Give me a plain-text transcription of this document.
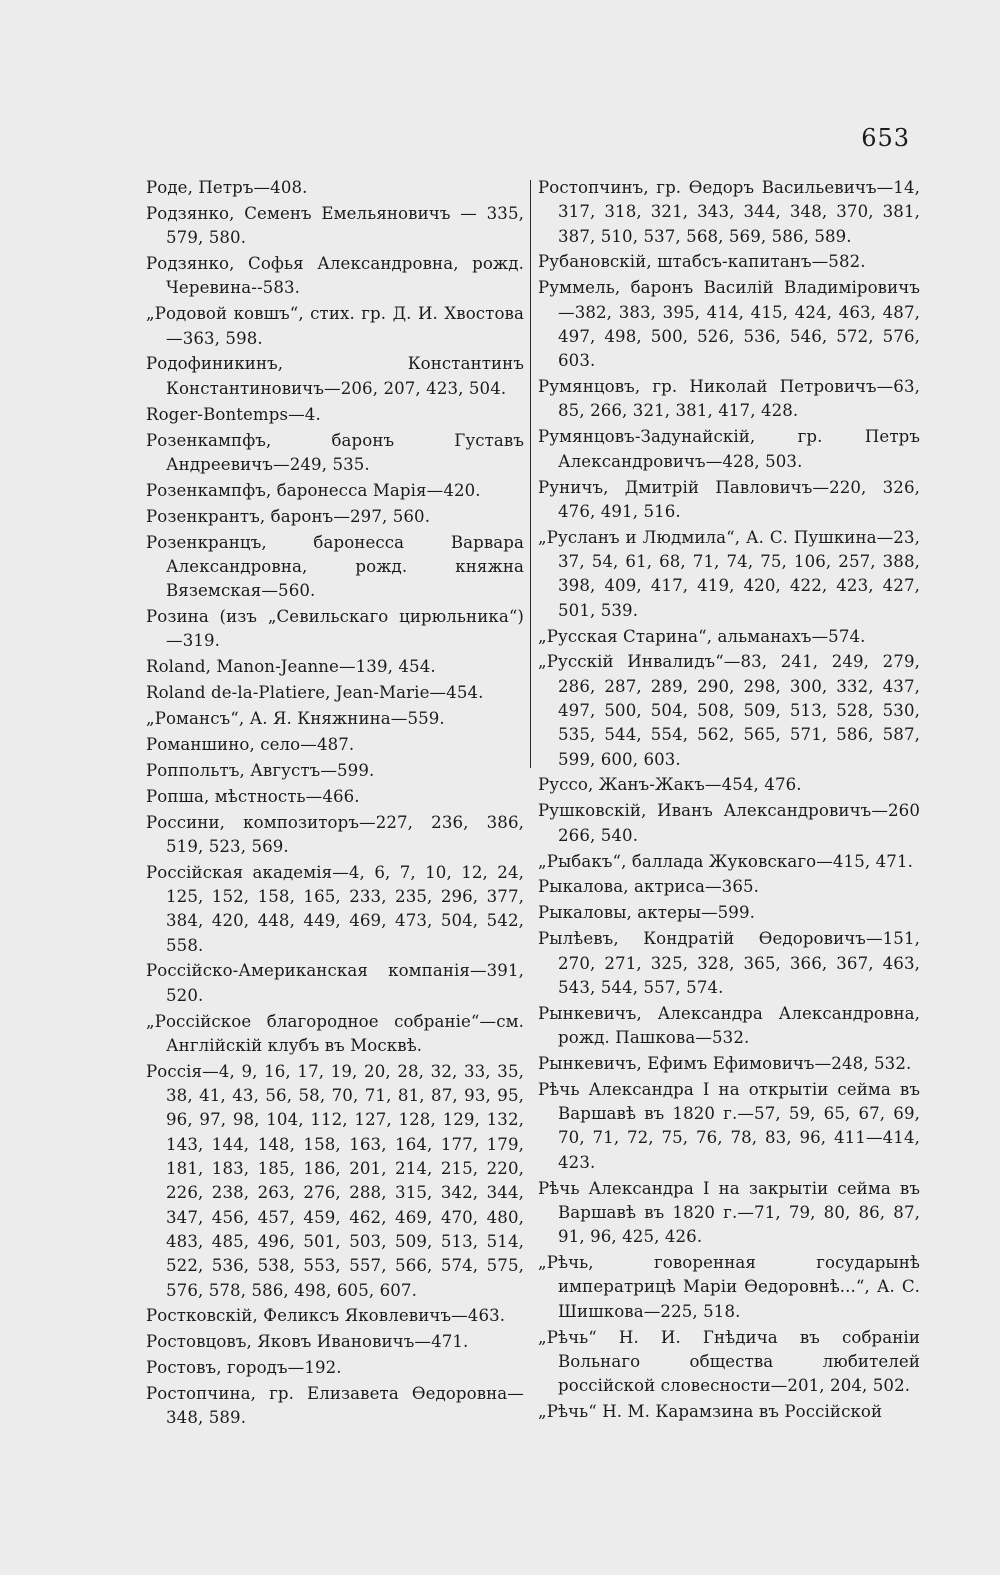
653

Роде, Петръ—408.

Родзянко, Семенъ Емельяновичъ — 335, 579, 580.

Родзянко, Софья Александровна, рожд. Черевина--583.

„Родовой ковшъ“, стих. гр. Д. И. Хвостова—363, 598.

Родофиникинъ, Константинъ Константиновичъ—206, 207, 423, 504.

Roger-Bontemps—4.

Розенкампфъ, баронъ Густавъ Андреевичъ—249, 535.

Розенкампфъ, баронесса Марія—420.

Розенкрантъ, баронъ—297, 560.

Розенкранцъ, баронесса Варвара Александровна, рожд. княжна Вяземская—560.

Розина (изъ „Севильскаго цирюльника“)—319.

Roland, Manon-Jeanne—139, 454.

Roland de-la-Platiere, Jean-Marie—454.

„Романсъ“, А. Я. Княжнина—559.

Романшино, село—487.

Роппольтъ, Августъ—599.

Ропша, мѣстность—466.

Россини, композиторъ—227, 236, 386, 519, 523, 569.

Россійская академія—4, 6, 7, 10, 12, 24, 125, 152, 158, 165, 233, 235, 296, 377, 384, 420, 448, 449, 469, 473, 504, 542, 558.

Россійско-Американская компанія—391, 520.

„Россійское благородное собраніе“—см. Англійскій клубъ въ Москвѣ.

Россія—4, 9, 16, 17, 19, 20, 28, 32, 33, 35, 38, 41, 43, 56, 58, 70, 71, 81, 87, 93, 95, 96, 97, 98, 104, 112, 127, 128, 129, 132, 143, 144, 148, 158, 163, 164, 177, 179, 181, 183, 185, 186, 201, 214, 215, 220, 226, 238, 263, 276, 288, 315, 342, 344, 347, 456, 457, 459, 462, 469, 470, 480, 483, 485, 496, 501, 503, 509, 513, 514, 522, 536, 538, 553, 557, 566, 574, 575, 576, 578, 586, 498, 605, 607.

Ростковскій, Феликсъ Яковлевичъ—463.

Ростовцовъ, Яковъ Ивановичъ—471.

Ростовъ, городъ—192.

Ростопчина, гр. Елизавета Ѳедоровна—348, 589.

Ростопчинъ, гр. Ѳедоръ Васильевичъ—14, 317, 318, 321, 343, 344, 348, 370, 381, 387, 510, 537, 568, 569, 586, 589.

Рубановскій, штабсъ-капитанъ—582.

Руммель, баронъ Василій Владиміровичъ—382, 383, 395, 414, 415, 424, 463, 487, 497, 498, 500, 526, 536, 546, 572, 576, 603.

Румянцовъ, гр. Николай Петровичъ—63, 85, 266, 321, 381, 417, 428.

Румянцовъ-Задунайскій, гр. Петръ Александровичъ—428, 503.

Руничъ, Дмитрій Павловичъ—220, 326, 476, 491, 516.

„Русланъ и Людмила“, А. С. Пушкина—23, 37, 54, 61, 68, 71, 74, 75, 106, 257, 388, 398, 409, 417, 419, 420, 422, 423, 427, 501, 539.

„Русская Старина“, альманахъ—574.

„Русскій Инвалидъ“—83, 241, 249, 279, 286, 287, 289, 290, 298, 300, 332, 437, 497, 500, 504, 508, 509, 513, 528, 530, 535, 544, 554, 562, 565, 571, 586, 587, 599, 600, 603.

Руссо, Жанъ-Жакъ—454, 476.

Рушковскій, Иванъ Александровичъ—260 266, 540.

„Рыбакъ“, баллада Жуковскаго—415, 471.

Рыкалова, актриса—365.

Рыкаловы, актеры—599.

Рылѣевъ, Кондратій Ѳедоровичъ—151, 270, 271, 325, 328, 365, 366, 367, 463, 543, 544, 557, 574.

Рынкевичъ, Александра Александровна, рожд. Пашкова—532.

Рынкевичъ, Ефимъ Ефимовичъ—248, 532.

Рѣчь Александра I на открытіи сейма въ Варшавѣ въ 1820 г.—57, 59, 65, 67, 69, 70, 71, 72, 75, 76, 78, 83, 96, 411—414, 423.

Рѣчь Александра I на закрытіи сейма въ Варшавѣ въ 1820 г.—71, 79, 80, 86, 87, 91, 96, 425, 426.

„Рѣчь, говоренная государынѣ императрицѣ Маріи Ѳедоровнѣ...“, А. С. Шишкова—225, 518.

„Рѣчь“ Н. И. Гнѣдича въ собраніи Вольнаго общества любителей россійской словесности—201, 204, 502.

„Рѣчь“ Н. М. Карамзина въ Россійской
